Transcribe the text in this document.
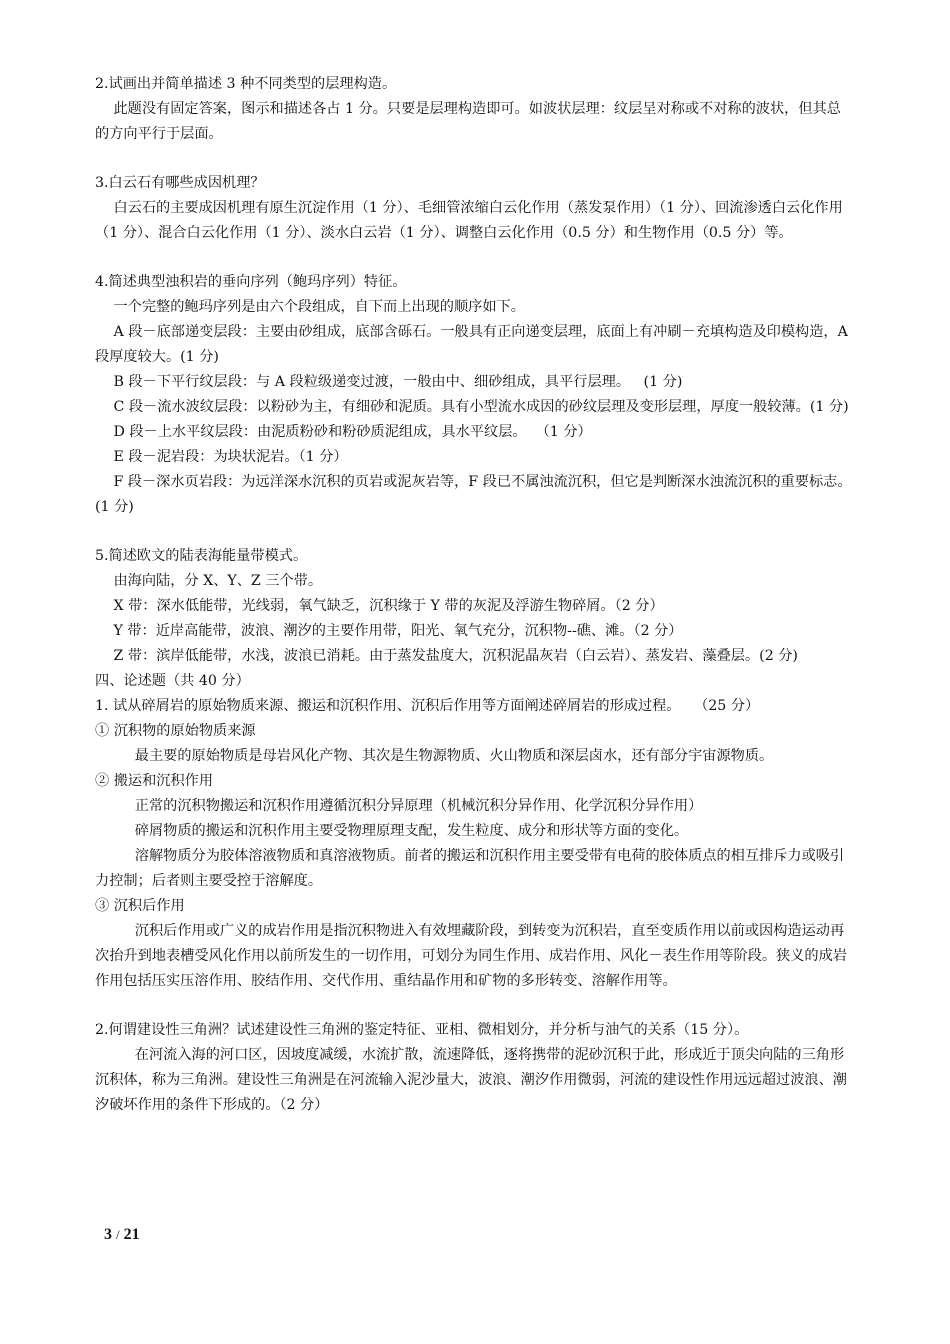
2.试画出并简单描述 3 种不同类型的层理构造。

此题没有固定答案，图示和描述各占 1 分。只要是层理构造即可。如波状层理：纹层呈对称或不对称的波状，但其总的方向平行于层面。

3.白云石有哪些成因机理？

白云石的主要成因机理有原生沉淀作用（1 分）、毛细管浓缩白云化作用（蒸发泵作用）（1 分）、回流渗透白云化作用（1 分）、混合白云化作用（1 分）、淡水白云岩（1 分）、调整白云化作用（0.5 分）和生物作用（0.5 分）等。

4.简述典型浊积岩的垂向序列（鲍玛序列）特征。

一个完整的鲍玛序列是由六个段组成，自下而上出现的顺序如下。

A 段－底部递变层段：主要由砂组成，底部含砾石。一般具有正向递变层理，底面上有冲刷－充填构造及印模构造，A 段厚度较大。(1 分)

B 段－下平行纹层段：与 A 段粒级递变过渡，一般由中、细砂组成，具平行层理。   (1 分)

C 段－流水波纹层段：以粉砂为主，有细砂和泥质。具有小型流水成因的砂纹层理及变形层理，厚度一般较薄。(1 分)

D 段－上水平纹层段：由泥质粉砂和粉砂质泥组成，具水平纹层。  （1 分）

E 段－泥岩段：为块状泥岩。（1 分）

F 段－深水页岩段：为远洋深水沉积的页岩或泥灰岩等，F 段已不属浊流沉积，但它是判断深水浊流沉积的重要标志。(1 分)

5.简述欧文的陆表海能量带模式。

由海向陆，分 X、Y、Z 三个带。

X 带：深水低能带，光线弱，氧气缺乏，沉积缘于 Y 带的灰泥及浮游生物碎屑。（2 分）

Y 带：近岸高能带，波浪、潮汐的主要作用带，阳光、氧气充分，沉积物--礁、滩。（2 分）

Z 带：滨岸低能带，水浅，波浪已消耗。由于蒸发盐度大，沉积泥晶灰岩（白云岩）、蒸发岩、藻叠层。(2 分)

四、论述题（共 40 分）

1. 试从碎屑岩的原始物质来源、搬运和沉积作用、沉积后作用等方面阐述碎屑岩的形成过程。   （25 分）

① 沉积物的原始物质来源

最主要的原始物质是母岩风化产物、其次是生物源物质、火山物质和深层卤水，还有部分宇宙源物质。

② 搬运和沉积作用

正常的沉积物搬运和沉积作用遵循沉积分异原理（机械沉积分异作用、化学沉积分异作用）

碎屑物质的搬运和沉积作用主要受物理原理支配，发生粒度、成分和形状等方面的变化。

溶解物质分为胶体溶液物质和真溶液物质。前者的搬运和沉积作用主要受带有电荷的胶体质点的相互排斥力或吸引力控制；后者则主要受控于溶解度。

③ 沉积后作用

沉积后作用或广义的成岩作用是指沉积物进入有效埋藏阶段，到转变为沉积岩，直至变质作用以前或因构造运动再次抬升到地表槽受风化作用以前所发生的一切作用，可划分为同生作用、成岩作用、风化－表生作用等阶段。狭义的成岩作用包括压实压溶作用、胶结作用、交代作用、重结晶作用和矿物的多形转变、溶解作用等。

2.何谓建设性三角洲？试述建设性三角洲的鉴定特征、亚相、微相划分，并分析与油气的关系（15 分）。

在河流入海的河口区，因坡度减缓，水流扩散，流速降低，逐将携带的泥砂沉积于此，形成近于顶尖向陆的三角形沉积体，称为三角洲。建设性三角洲是在河流输入泥沙量大，波浪、潮汐作用微弱，河流的建设性作用远远超过波浪、潮汐破坏作用的条件下形成的。（2 分）

3 / 21
